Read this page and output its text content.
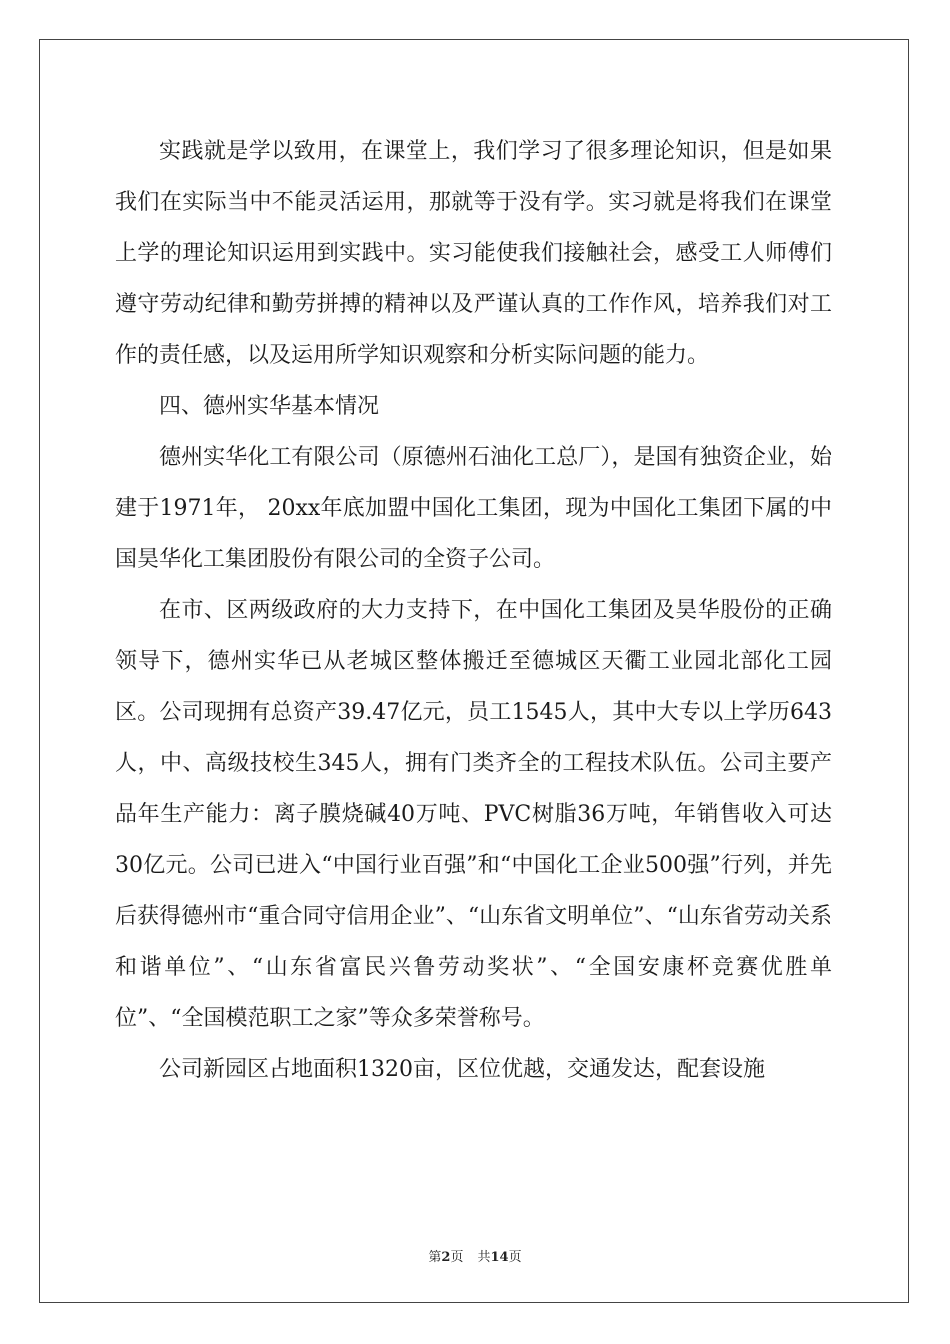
实践就是学以致用，在课堂上，我们学习了很多理论知识，但是如果我们在实际当中不能灵活运用，那就等于没有学。实习就是将我们在课堂上学的理论知识运用到实践中。实习能使我们接触社会，感受工人师傅们遵守劳动纪律和勤劳拼搏的精神以及严谨认真的工作作风，培养我们对工作的责任感，以及运用所学知识观察和分析实际问题的能力。

四、德州实华基本情况

德州实华化工有限公司（原德州石油化工总厂），是国有独资企业，始建于1971年， 20xx年底加盟中国化工集团，现为中国化工集团下属的中国昊华化工集团股份有限公司的全资子公司。

在市、区两级政府的大力支持下，在中国化工集团及昊华股份的正确领导下，德州实华已从老城区整体搬迁至德城区天衢工业园北部化工园区。公司现拥有总资产39.47亿元，员工1545人，其中大专以上学历643人，中、高级技校生345人，拥有门类齐全的工程技术队伍。公司主要产品年生产能力：离子膜烧碱40万吨、PVC树脂36万吨，年销售收入可达30亿元。公司已进入“中国行业百强”和“中国化工企业500强”行列，并先后获得德州市“重合同守信用企业”、“山东省文明单位”、“山东省劳动关系和谐单位”、“山东省富民兴鲁劳动奖状”、“全国安康杯竞赛优胜单位”、“全国模范职工之家”等众多荣誉称号。

公司新园区占地面积1320亩，区位优越，交通发达，配套设施

第2页 共14页
